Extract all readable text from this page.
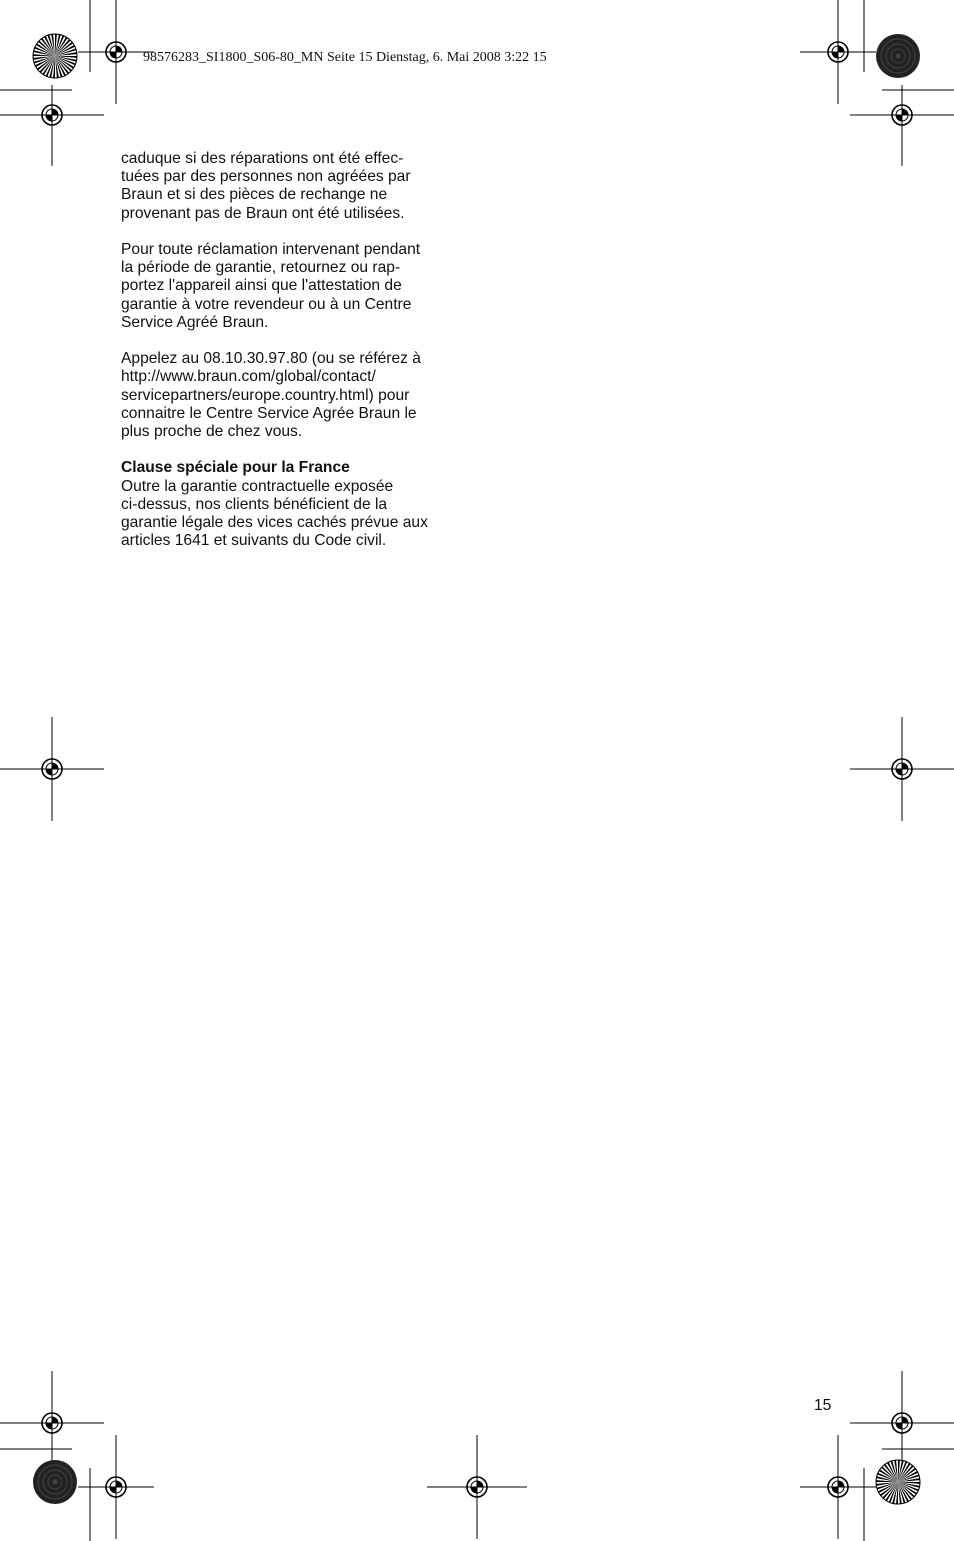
98576283_SI1800_S06-80_MN Seite 15 Dienstag, 6. Mai 2008 3:22 15

caduque si des réparations ont été effec-
tuées par des personnes non agréées par
Braun et si des pièces de rechange ne
provenant pas de Braun ont été utilisées.

Pour toute réclamation intervenant pendant
la période de garantie, retournez ou rap-
portez l'appareil ainsi que l'attestation de
garantie à votre revendeur ou à un Centre
Service Agréé Braun.

Appelez au 08.10.30.97.80 (ou se référez à
http://www.braun.com/global/contact/
servicepartners/europe.country.html) pour
connaitre le Centre Service Agrée Braun le
plus proche de chez vous.

Clause spéciale pour la France
Outre la garantie contractuelle exposée
ci-dessus, nos clients bénéficient de la
garantie légale des vices cachés prévue aux
articles 1641 et suivants du Code civil.

15
